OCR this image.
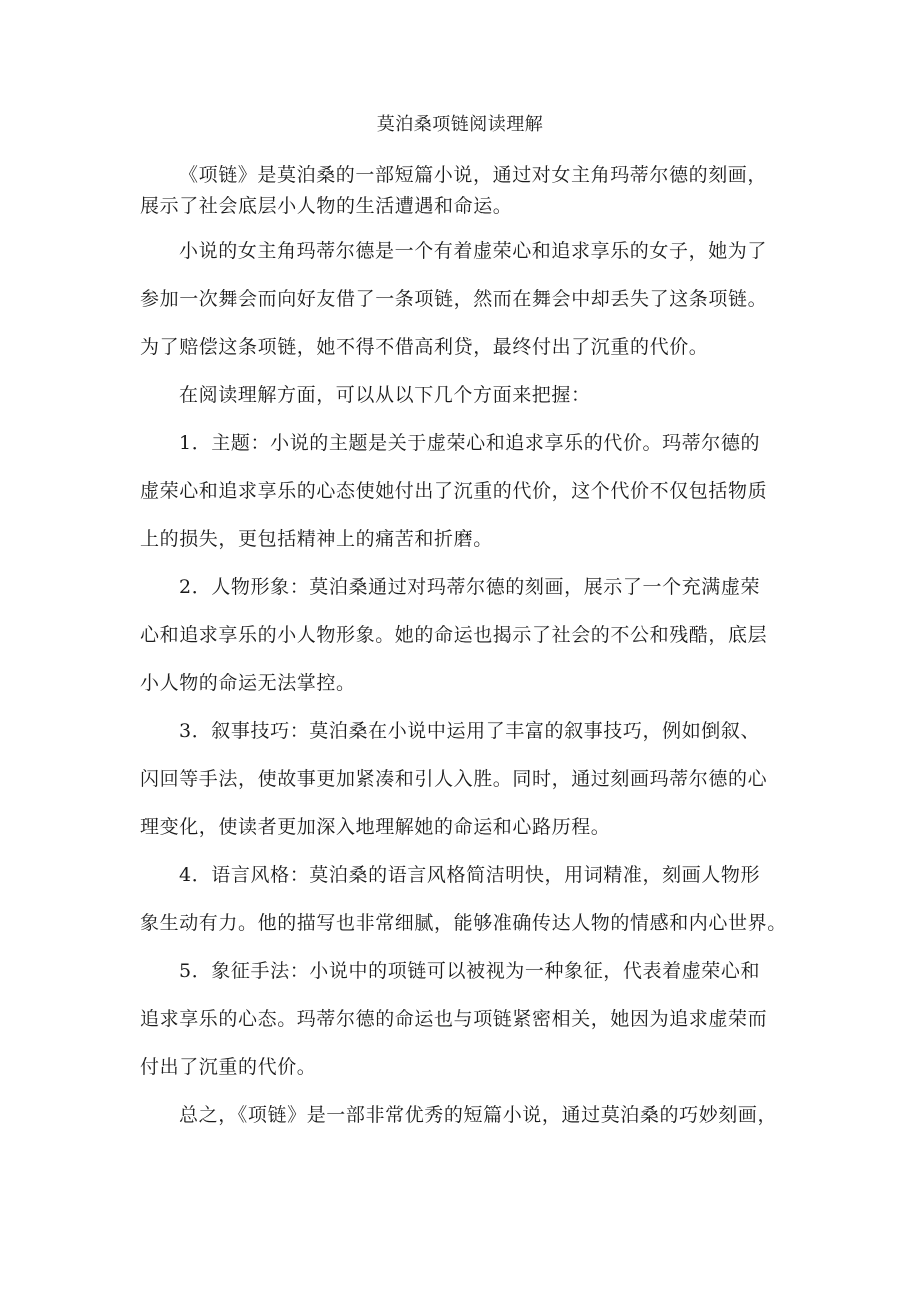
莫泊桑项链阅读理解
《项链》是莫泊桑的一部短篇小说，通过对女主角玛蒂尔德的刻画，
展示了社会底层小人物的生活遭遇和命运。
小说的女主角玛蒂尔德是一个有着虚荣心和追求享乐的女子，她为了
参加一次舞会而向好友借了一条项链，然而在舞会中却丢失了这条项链。
为了赔偿这条项链，她不得不借高利贷，最终付出了沉重的代价。
在阅读理解方面，可以从以下几个方面来把握：
1．主题：小说的主题是关于虚荣心和追求享乐的代价。玛蒂尔德的
虚荣心和追求享乐的心态使她付出了沉重的代价，这个代价不仅包括物质
上的损失，更包括精神上的痛苦和折磨。
2．人物形象：莫泊桑通过对玛蒂尔德的刻画，展示了一个充满虚荣
心和追求享乐的小人物形象。她的命运也揭示了社会的不公和残酷，底层
小人物的命运无法掌控。
3．叙事技巧：莫泊桑在小说中运用了丰富的叙事技巧，例如倒叙、
闪回等手法，使故事更加紧凑和引人入胜。同时，通过刻画玛蒂尔德的心
理变化，使读者更加深入地理解她的命运和心路历程。
4．语言风格：莫泊桑的语言风格简洁明快，用词精准，刻画人物形
象生动有力。他的描写也非常细腻，能够准确传达人物的情感和内心世界。
5．象征手法：小说中的项链可以被视为一种象征，代表着虚荣心和
追求享乐的心态。玛蒂尔德的命运也与项链紧密相关，她因为追求虚荣而
付出了沉重的代价。
总之，《项链》是一部非常优秀的短篇小说，通过莫泊桑的巧妙刻画，
